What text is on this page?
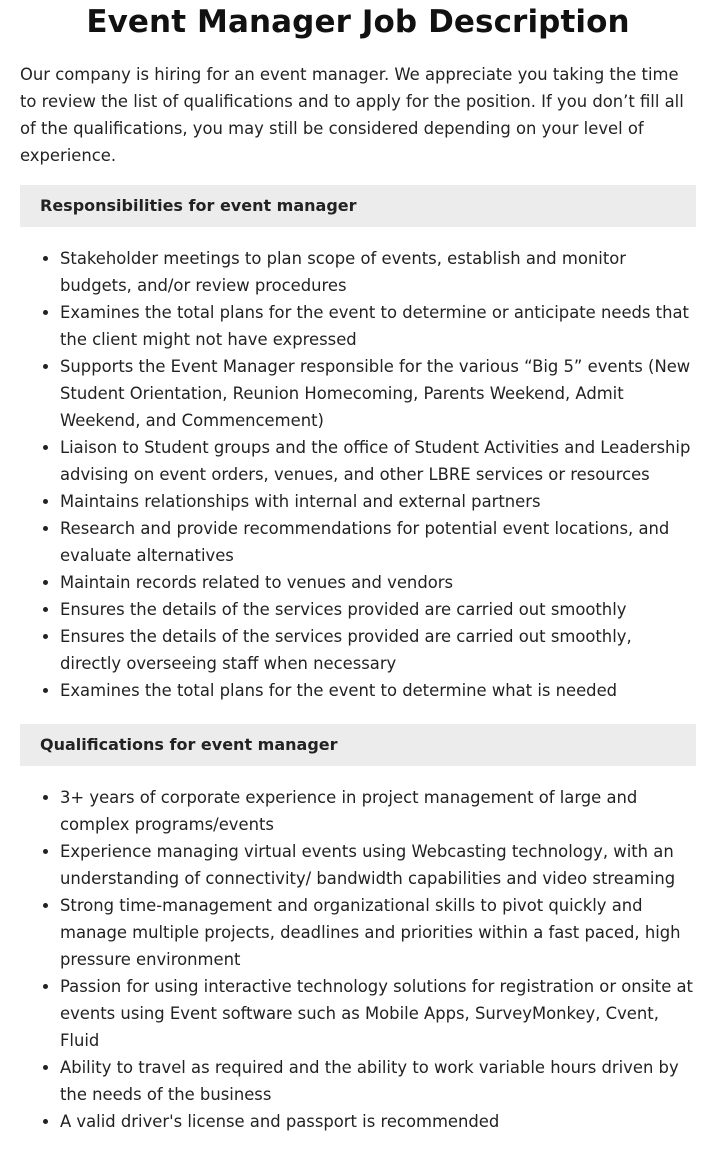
Event Manager Job Description

Our company is hiring for an event manager. We appreciate you taking the time to review the list of qualifications and to apply for the position. If you don’t fill all of the qualifications, you may still be considered depending on your level of experience.

Responsibilities for event manager
• Stakeholder meetings to plan scope of events, establish and monitor budgets, and/or review procedures
• Examines the total plans for the event to determine or anticipate needs that the client might not have expressed
• Supports the Event Manager responsible for the various “Big 5” events (New Student Orientation, Reunion Homecoming, Parents Weekend, Admit Weekend, and Commencement)
• Liaison to Student groups and the office of Student Activities and Leadership advising on event orders, venues, and other LBRE services or resources
• Maintains relationships with internal and external partners
• Research and provide recommendations for potential event locations, and evaluate alternatives
• Maintain records related to venues and vendors
• Ensures the details of the services provided are carried out smoothly
• Ensures the details of the services provided are carried out smoothly, directly overseeing staff when necessary
• Examines the total plans for the event to determine what is needed
Qualifications for event manager
• 3+ years of corporate experience in project management of large and complex programs/events
• Experience managing virtual events using Webcasting technology, with an understanding of connectivity/ bandwidth capabilities and video streaming
• Strong time-management and organizational skills to pivot quickly and manage multiple projects, deadlines and priorities within a fast paced, high pressure environment
• Passion for using interactive technology solutions for registration or onsite at events using Event software such as Mobile Apps, SurveyMonkey, Cvent, Fluid
• Ability to travel as required and the ability to work variable hours driven by the needs of the business
• A valid driver's license and passport is recommended
